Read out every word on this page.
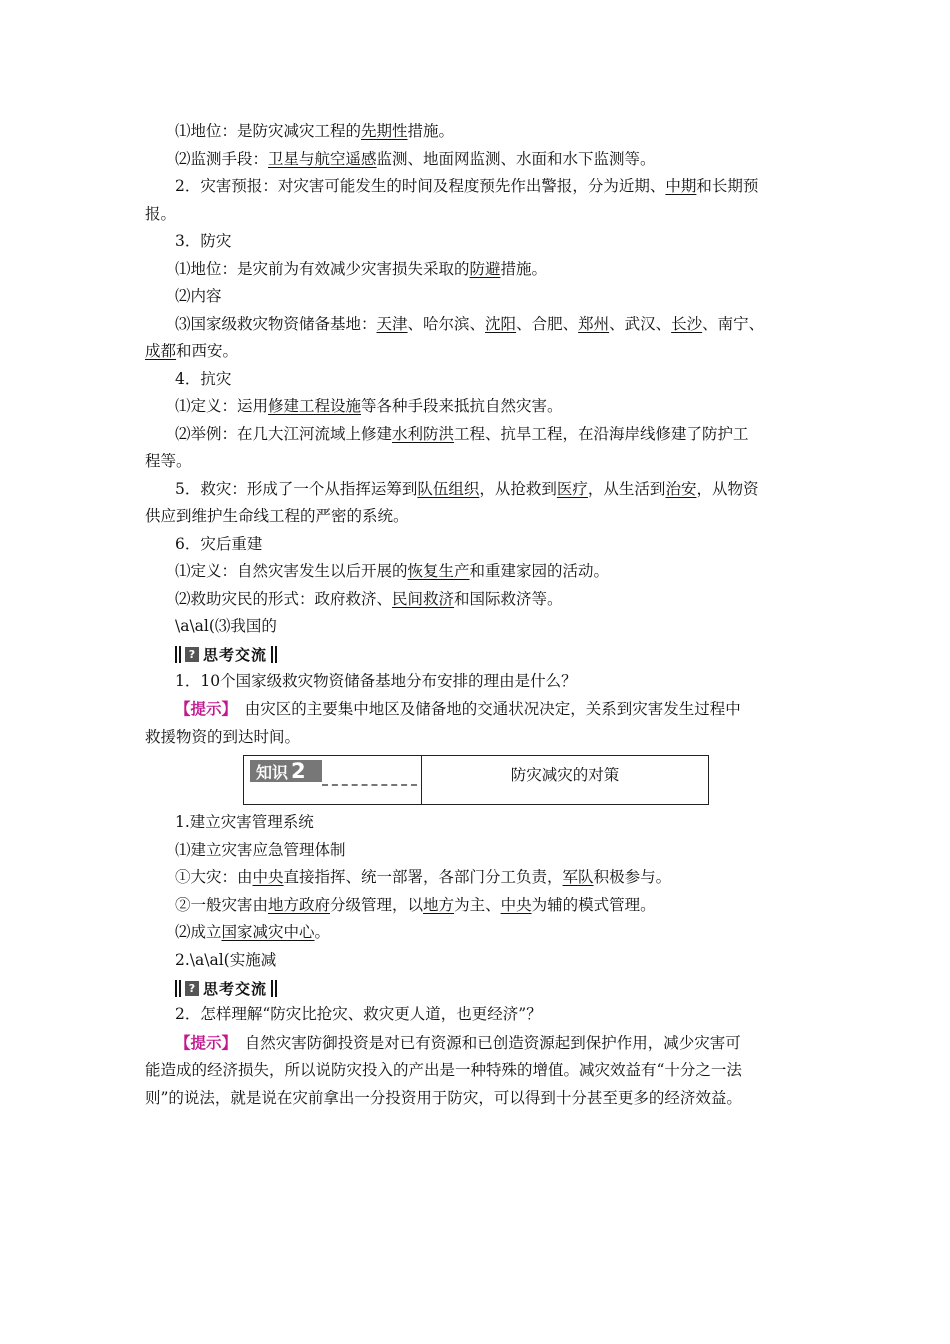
⑴地位：是防灾减灾工程的先期性措施。

⑵监测手段：卫星与航空遥感监测、地面网监测、水面和水下监测等。

2．灾害预报：对灾害可能发生的时间及程度预先作出警报，分为近期、中期和长期预

报。

3．防灾

⑴地位：是灾前为有效减少灾害损失采取的防避措施。

⑵内容

⑶国家级救灾物资储备基地：天津、哈尔滨、沈阳、合肥、郑州、武汉、长沙、南宁、

成都和西安。

4．抗灾

⑴定义：运用修建工程设施等各种手段来抵抗自然灾害。

⑵举例：在几大江河流域上修建水利防洪工程、抗旱工程，在沿海岸线修建了防护工

程等。

5．救灾：形成了一个从指挥运筹到队伍组织，从抢救到医疗，从生活到治安，从物资

供应到维护生命线工程的严密的系统。

6．灾后重建

⑴定义：自然灾害发生以后开展的恢复生产和重建家园的活动。

⑵救助灾民的形式：政府救济、民间救济和国际救济等。

\a\al(⑶我国的

? 思考交流

1．10个国家级救灾物资储备基地分布安排的理由是什么？

【提示】　由灾区的主要集中地区及储备地的交通状况决定，关系到灾害发生过程中

救援物资的到达时间。

知识 2	防灾减灾的对策

1.建立灾害管理系统

⑴建立灾害应急管理体制

①大灾：由中央直接指挥、统一部署，各部门分工负责，军队积极参与。

②一般灾害由地方政府分级管理，以地方为主、中央为辅的模式管理。

⑵成立国家减灾中心。

2.\a\al(实施减

? 思考交流

2．怎样理解“防灾比抢灾、救灾更人道，也更经济”？

【提示】　自然灾害防御投资是对已有资源和已创造资源起到保护作用，减少灾害可

能造成的经济损失，所以说防灾投入的产出是一种特殊的增值。减灾效益有“十分之一法

则”的说法，就是说在灾前拿出一分投资用于防灾，可以得到十分甚至更多的经济效益。
